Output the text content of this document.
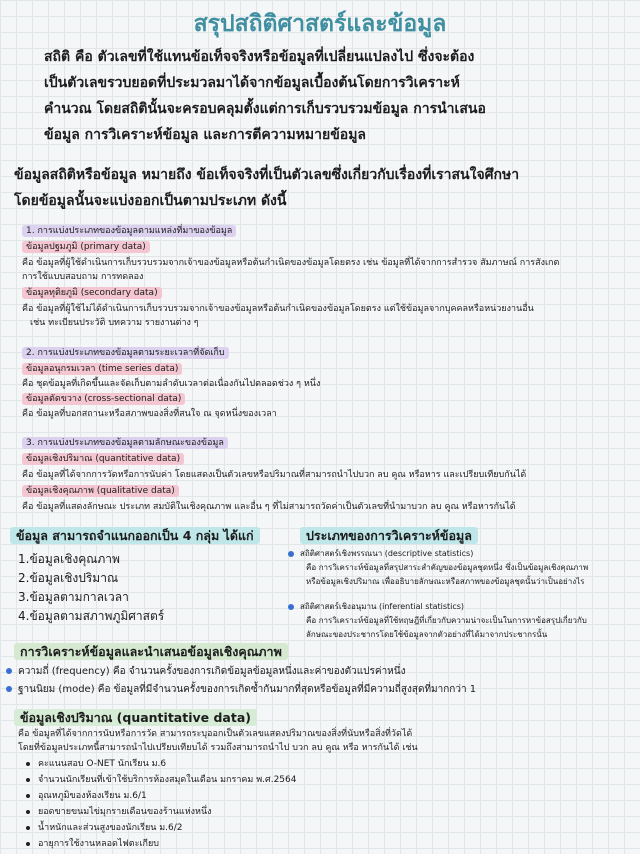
สรุปสถิติศาสตร์และข้อมูล
สถิติ คือ ตัวเลขที่ใช้แทนข้อเท็จจริงหรือข้อมูลที่เปลี่ยนแปลงไป ซึ่งจะต้อง
เป็นตัวเลขรวบยอดที่ประมวลมาได้จากข้อมูลเบื้องต้นโดยการวิเคราะห์
คำนวณ โดยสถิตินั้นจะครอบคลุมตั้งแต่การเก็บรวบรวมข้อมูล การนำเสนอ
ข้อมูล การวิเคราะห์ข้อมูล และการตีความหมายข้อมูล
ข้อมูลสถิติหรือข้อมูล หมายถึง ข้อเท็จจริงที่เป็นตัวเลขซึ่งเกี่ยวกับเรื่องที่เราสนใจศึกษา
โดยข้อมูลนั้นจะแบ่งออกเป็นตามประเภท ดังนี้
1. การแบ่งประเภทของข้อมูลตามแหล่งที่มาของข้อมูล
ข้อมูลปฐมภูมิ (primary data)
คือ ข้อมูลที่ผู้ใช้ดำเนินการเก็บรวบรวมจากเจ้าของข้อมูลหรือต้นกำเนิดของข้อมูลโดยตรง เช่น ข้อมูลที่ได้จากการสำรวจ สัมภาษณ์ การสังเกต
การใช้แบบสอบถาม การทดลอง
ข้อมูลทุติยภูมิ (secondary data)
คือ ข้อมูลที่ผู้ใช้ไม่ได้ดำเนินการเก็บรวบรวมจากเจ้าของข้อมูลหรือต้นกำเนิดของข้อมูลโดยตรง แต่ใช้ข้อมูลจากบุคคลหรือหน่วยงานอื่น
เช่น ทะเบียนประวัติ บทความ รายงานต่าง ๆ
2. การแบ่งประเภทของข้อมูลตามระยะเวลาที่จัดเก็บ
ข้อมูลอนุกรมเวลา (time series data)
คือ ชุดข้อมูลที่เกิดขึ้นและจัดเก็บตามลำดับเวลาต่อเนื่องกันไปตลอดช่วง ๆ หนึ่ง
ข้อมูลตัดขวาง (cross-sectional data)
คือ ข้อมูลที่บอกสถานะหรือสภาพของสิ่งที่สนใจ ณ จุดหนึ่งของเวลา
3. การแบ่งประเภทของข้อมูลตามลักษณะของข้อมูล
ข้อมูลเชิงปริมาณ (quantitative data)
คือ ข้อมูลที่ได้จากการวัดหรือการนับค่า โดยแสดงเป็นตัวเลขหรือปริมาณที่สามารถนำไปบวก ลบ คูณ หรือหาร และเปรียบเทียบกันได้
ข้อมูลเชิงคุณภาพ (qualitative data)
คือ ข้อมูลที่แสดงลักษณะ ประเภท สมบัติในเชิงคุณภาพ และอื่น ๆ ที่ไม่สามารถวัดค่าเป็นตัวเลขที่นำมาบวก ลบ คูณ หรือหารกันได้
ข้อมูล สามารถจำแนกออกเป็น 4 กลุ่ม ได้แก่
1.ข้อมูลเชิงคุณภาพ
2.ข้อมูลเชิงปริมาณ
3.ข้อมูลตามกาลเวลา
4.ข้อมูลตามสภาพภูมิศาสตร์
ประเภทของการวิเคราะห์ข้อมูล
สถิติศาสตร์เชิงพรรณนา (descriptive statistics)
คือ การวิเคราะห์ข้อมูลที่สรุปสาระสำคัญของข้อมูลชุดหนึ่ง ซึ่งเป็นข้อมูลเชิงคุณภาพ
หรือข้อมูลเชิงปริมาณ เพื่ออธิบายลักษณะหรือสภาพของข้อมูลชุดนั้นว่าเป็นอย่างไร
สถิติศาสตร์เชิงอนุมาน (inferential statistics)
คือ การวิเคราะห์ข้อมูลที่ใช้ทฤษฎีที่เกี่ยวกับความน่าจะเป็นในการหาข้อสรุปเกี่ยวกับ
ลักษณะของประชากรโดยใช้ข้อมูลจากตัวอย่างที่ได้มาจากประชากรนั้น
การวิเคราะห์ข้อมูลและนำเสนอข้อมูลเชิงคุณภาพ
ความถี่ (frequency) คือ จำนวนครั้งของการเกิดข้อมูลข้อมูลหนึ่งและค่าของตัวแปรค่าหนึ่ง
ฐานนิยม (mode) คือ ข้อมูลที่มีจำนวนครั้งของการเกิดซ้ำกันมากที่สุดหรือข้อมูลที่มีความถี่สูงสุดที่มากกว่า 1
ข้อมูลเชิงปริมาณ (quantitative data)
คือ ข้อมูลที่ได้จากการนับหรือการวัด สามารถระบุออกเป็นตัวเลขแสดงปริมาณของสิ่งที่นับหรือสิ่งที่วัดได้
โดยที่ข้อมูลประเภทนี้สามารถนำไปเปรียบเทียบได้ รวมถึงสามารถนำไป บวก ลบ คูณ หรือ หารกันได้ เช่น
คะแนนสอบ O-NET นักเรียน ม.6
จำนวนนักเรียนที่เข้าใช้บริการห้องสมุดในเดือน มกราคม พ.ศ.2564
อุณหภูมิของห้องเรียน ม.6/1
ยอดขายขนมไข่มุกรายเดือนของร้านแห่งหนึ่ง
น้ำหนักและส่วนสูงของนักเรียน ม.6/2
อายุการใช้งานหลอดไฟตะเกียบ
